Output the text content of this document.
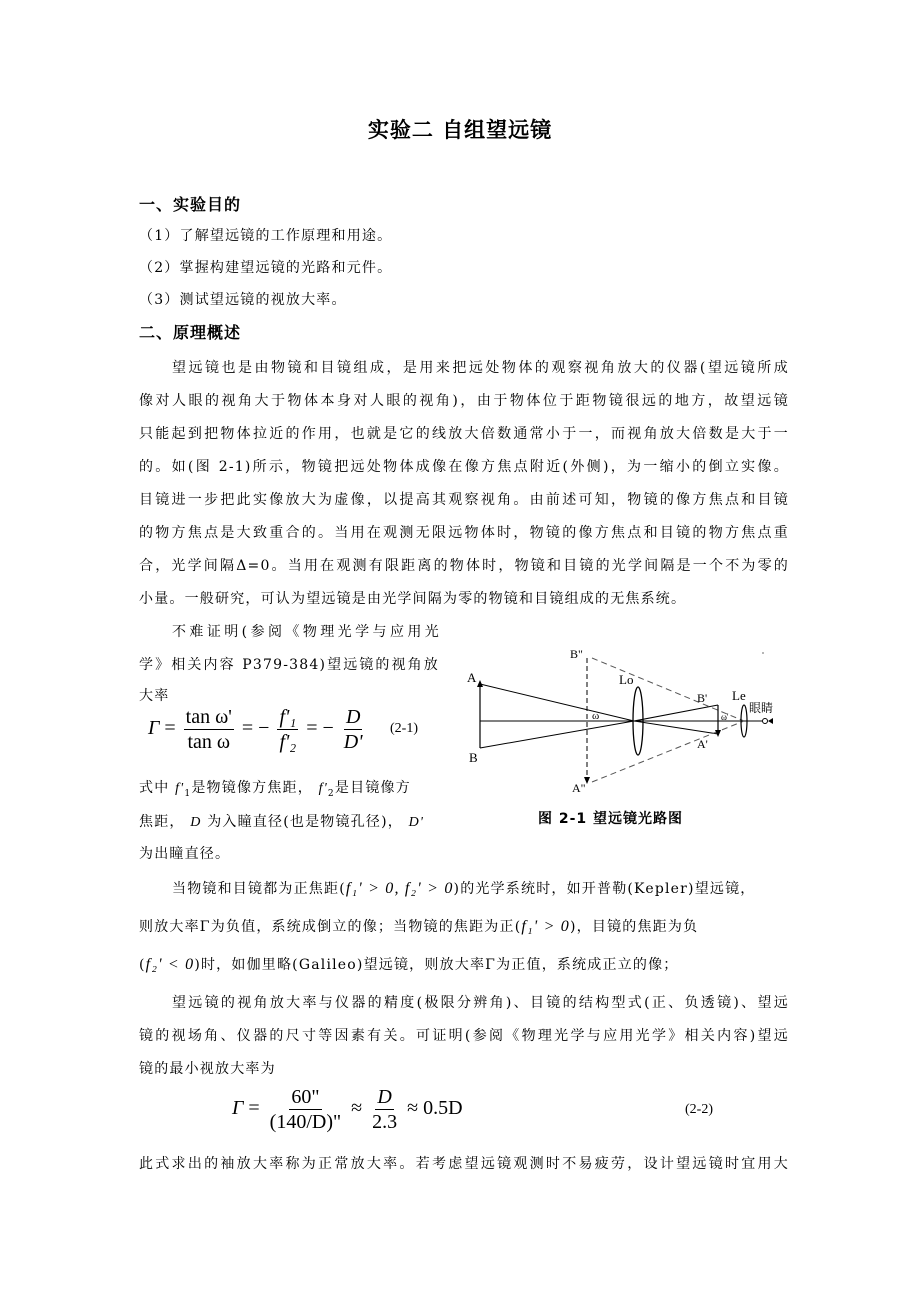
实验二 自组望远镜
一、实验目的
（1）了解望远镜的工作原理和用途。
（2）掌握构建望远镜的光路和元件。
（3）测试望远镜的视放大率。
二、原理概述
望远镜也是由物镜和目镜组成，是用来把远处物体的观察视角放大的仪器(望远镜所成
像对人眼的视角大于物体本身对人眼的视角)，由于物体位于距物镜很远的地方，故望远镜
只能起到把物体拉近的作用，也就是它的线放大倍数通常小于一，而视角放大倍数是大于一
的。如(图 2-1)所示，物镜把远处物体成像在像方焦点附近(外侧)，为一缩小的倒立实像。
目镜进一步把此实像放大为虚像，以提高其观察视角。由前述可知，物镜的像方焦点和目镜
的物方焦点是大致重合的。当用在观测无限远物体时，物镜的像方焦点和目镜的物方焦点重
合，光学间隔Δ=0。当用在观测有限距离的物体时，物镜和目镜的光学间隔是一个不为零的
小量。一般研究，可认为望远镜是由光学间隔为零的物镜和目镜组成的无焦系统。
不难证明(参阅《物理光学与应用光
学》相关内容 P379-384)望远镜的视角放
大率
$\Gamma = \frac{\text{tan ω'}}{\text{tan ω}}$ = − $\frac{\text{f'₁}}{\text{f'₂}}$ = − $\frac{D}{D'} (2-1)$
式中 $f'_1$是物镜像方焦距， $f'_2$是目镜像方
焦距， D 为入瞳直径(也是物镜孔径)， D'
为出瞳直径。
A
B
B"
A"
Lo
B'
A'
ω	ω'
Le
眼睛
图 2-1 望远镜光路图
当物镜和目镜都为正焦距(f₁' > 0, f₂' > 0)的光学系统时，如开普勒(Kepler)望远镜，
则放大率Γ为负值，系统成倒立的像；当物镜的焦距为正(f₁' > 0)，目镜的焦距为负
(f₂' < 0)时，如伽里略(Galileo)望远镜，则放大率Γ为正值，系统成正立的像；
望远镜的视角放大率与仪器的精度(极限分辨角)、目镜的结构型式(正、负透镜)、望远
镜的视场角、仪器的尺寸等因素有关。可证明(参阅《物理光学与应用光学》相关内容)望远
镜的最小视放大率为
$\Gamma = \frac{60"}{(140/D)"} \approx \frac{D}{2.3} \approx 0.5D$	(2-2)
此式求出的袖放大率称为正常放大率。若考虑望远镜观测时不易疲劳，设计望远镜时宜用大
